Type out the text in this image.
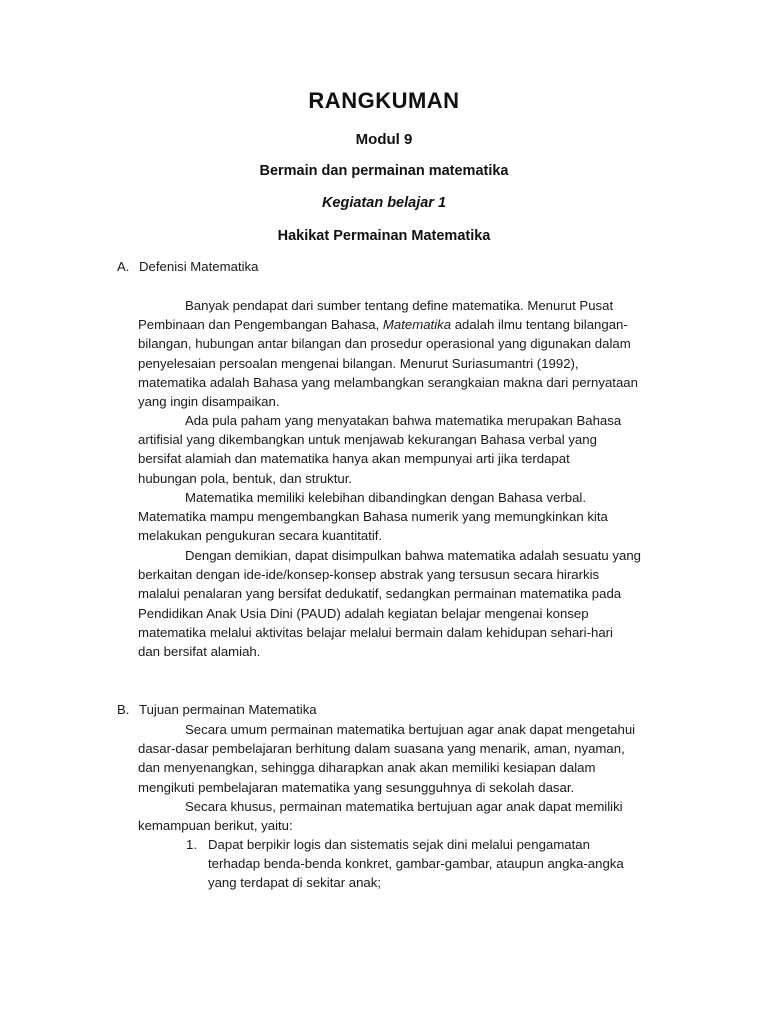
RANGKUMAN
Modul 9
Bermain dan permainan matematika
Kegiatan belajar 1
Hakikat Permainan Matematika
A. Defenisi Matematika
Banyak pendapat dari sumber tentang define matematika. Menurut Pusat
Pembinaan dan Pengembangan Bahasa, Matematika adalah ilmu tentang bilangan-
bilangan, hubungan antar bilangan dan prosedur operasional yang digunakan dalam
penyelesaian persoalan mengenai bilangan. Menurut Suriasumantri (1992),
matematika adalah Bahasa yang melambangkan serangkaian makna dari pernyataan
yang ingin disampaikan.
Ada pula paham yang menyatakan bahwa matematika merupakan Bahasa
artifisial yang dikembangkan untuk menjawab kekurangan Bahasa verbal yang
bersifat alamiah dan matematika hanya akan mempunyai arti jika terdapat
hubungan pola, bentuk, dan struktur.
Matematika memiliki kelebihan dibandingkan dengan Bahasa verbal.
Matematika mampu mengembangkan Bahasa numerik yang memungkinkan kita
melakukan pengukuran secara kuantitatif.
Dengan demikian, dapat disimpulkan bahwa matematika adalah sesuatu yang
berkaitan dengan ide-ide/konsep-konsep abstrak yang tersusun secara hirarkis
malalui penalaran yang bersifat dedukatif, sedangkan permainan matematika pada
Pendidikan Anak Usia Dini (PAUD) adalah kegiatan belajar mengenai konsep
matematika melalui aktivitas belajar melalui bermain dalam kehidupan sehari-hari
dan bersifat alamiah.
B. Tujuan permainan Matematika
Secara umum permainan matematika bertujuan agar anak dapat mengetahui
dasar-dasar pembelajaran berhitung dalam suasana yang menarik, aman, nyaman,
dan menyenangkan, sehingga diharapkan anak akan memiliki kesiapan dalam
mengikuti pembelajaran matematika yang sesungguhnya di sekolah dasar.
Secara khusus, permainan matematika bertujuan agar anak dapat memiliki
kemampuan berikut, yaitu:
1. Dapat berpikir logis dan sistematis sejak dini melalui pengamatan
terhadap benda-benda konkret, gambar-gambar, ataupun angka-angka
yang terdapat di sekitar anak;
